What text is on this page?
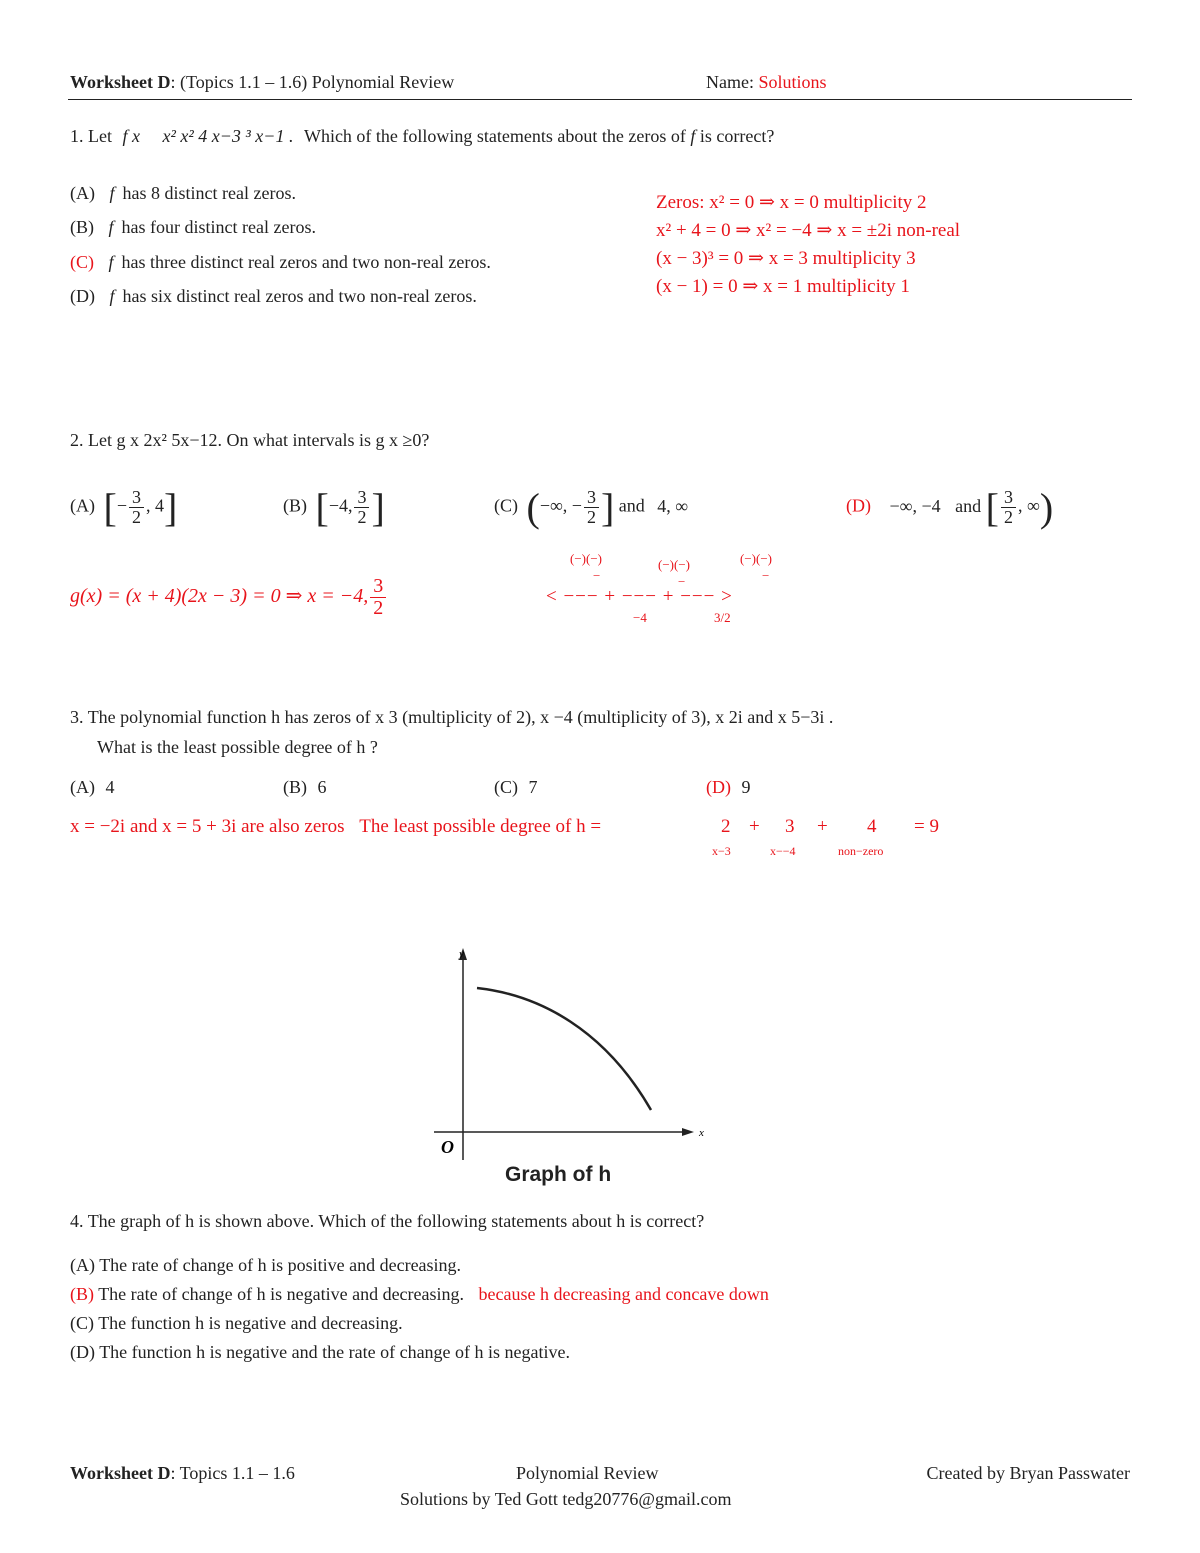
Worksheet D: (Topics 1.1 – 1.6) Polynomial Review	Name: Solutions
1. Let f x x² x² 4 x−3 ³ x−1 . Which of the following statements about the zeros of f is correct?
(A) f has 8 distinct real zeros.
(B) f has four distinct real zeros.
(C) f has three distinct real zeros and two non-real zeros.
(D) f has six distinct real zeros and two non-real zeros.
Zeros: x² = 0 ⇒ x = 0 multiplicity 2
x² + 4 = 0 ⇒ x² = −4 ⇒ x = ±2i non-real
(x − 3)³ = 0 ⇒ x = 3 multiplicity 3
(x − 1) = 0 ⇒ x = 1 multiplicity 1
2. Let g x 2x² 5x−12. On what intervals is g x ≥0?
(A) [− $\frac{3}{2}$ , 4]	(B) [−4, $\frac{3}{2}$ ]	(C) (−∞, − $\frac{3}{2}$ ] and 4, ∞	(D) −∞, −4 and [ $\frac{3}{2}$ , ∞)
g(x) = (x + 4)(2x − 3) = 0 ⇒ x = −4, $\frac{3}{2}$
(−)(−)	(−)(−)	(−)(−)
−	−	−
< −−− + −−− + −−− >
−4	3/2
3. The polynomial function h has zeros of x 3 (multiplicity of 2), x −4 (multiplicity of 3), x 2i and x 5−3i .
What is the least possible degree of h ?
(A) 4	(B) 6	(C) 7	(D) 9
x = −2i and x = 5 + 3i are also zeros The least possible degree of h =	2
x−3
+ 3
x−−4
+ 4
non−zero
= 9
y
x
O
Graph of h
4. The graph of h is shown above. Which of the following statements about h is correct?
(A) The rate of change of h is positive and decreasing.
(B) The rate of change of h is negative and decreasing. because h decreasing and concave down
(C) The function h is negative and decreasing.
(D) The function h is negative and the rate of change of h is negative.
Worksheet D: Topics 1.1 – 1.6	Polynomial Review	Created by Bryan Passwater
Solutions by Ted Gott tedg20776@gmail.com
